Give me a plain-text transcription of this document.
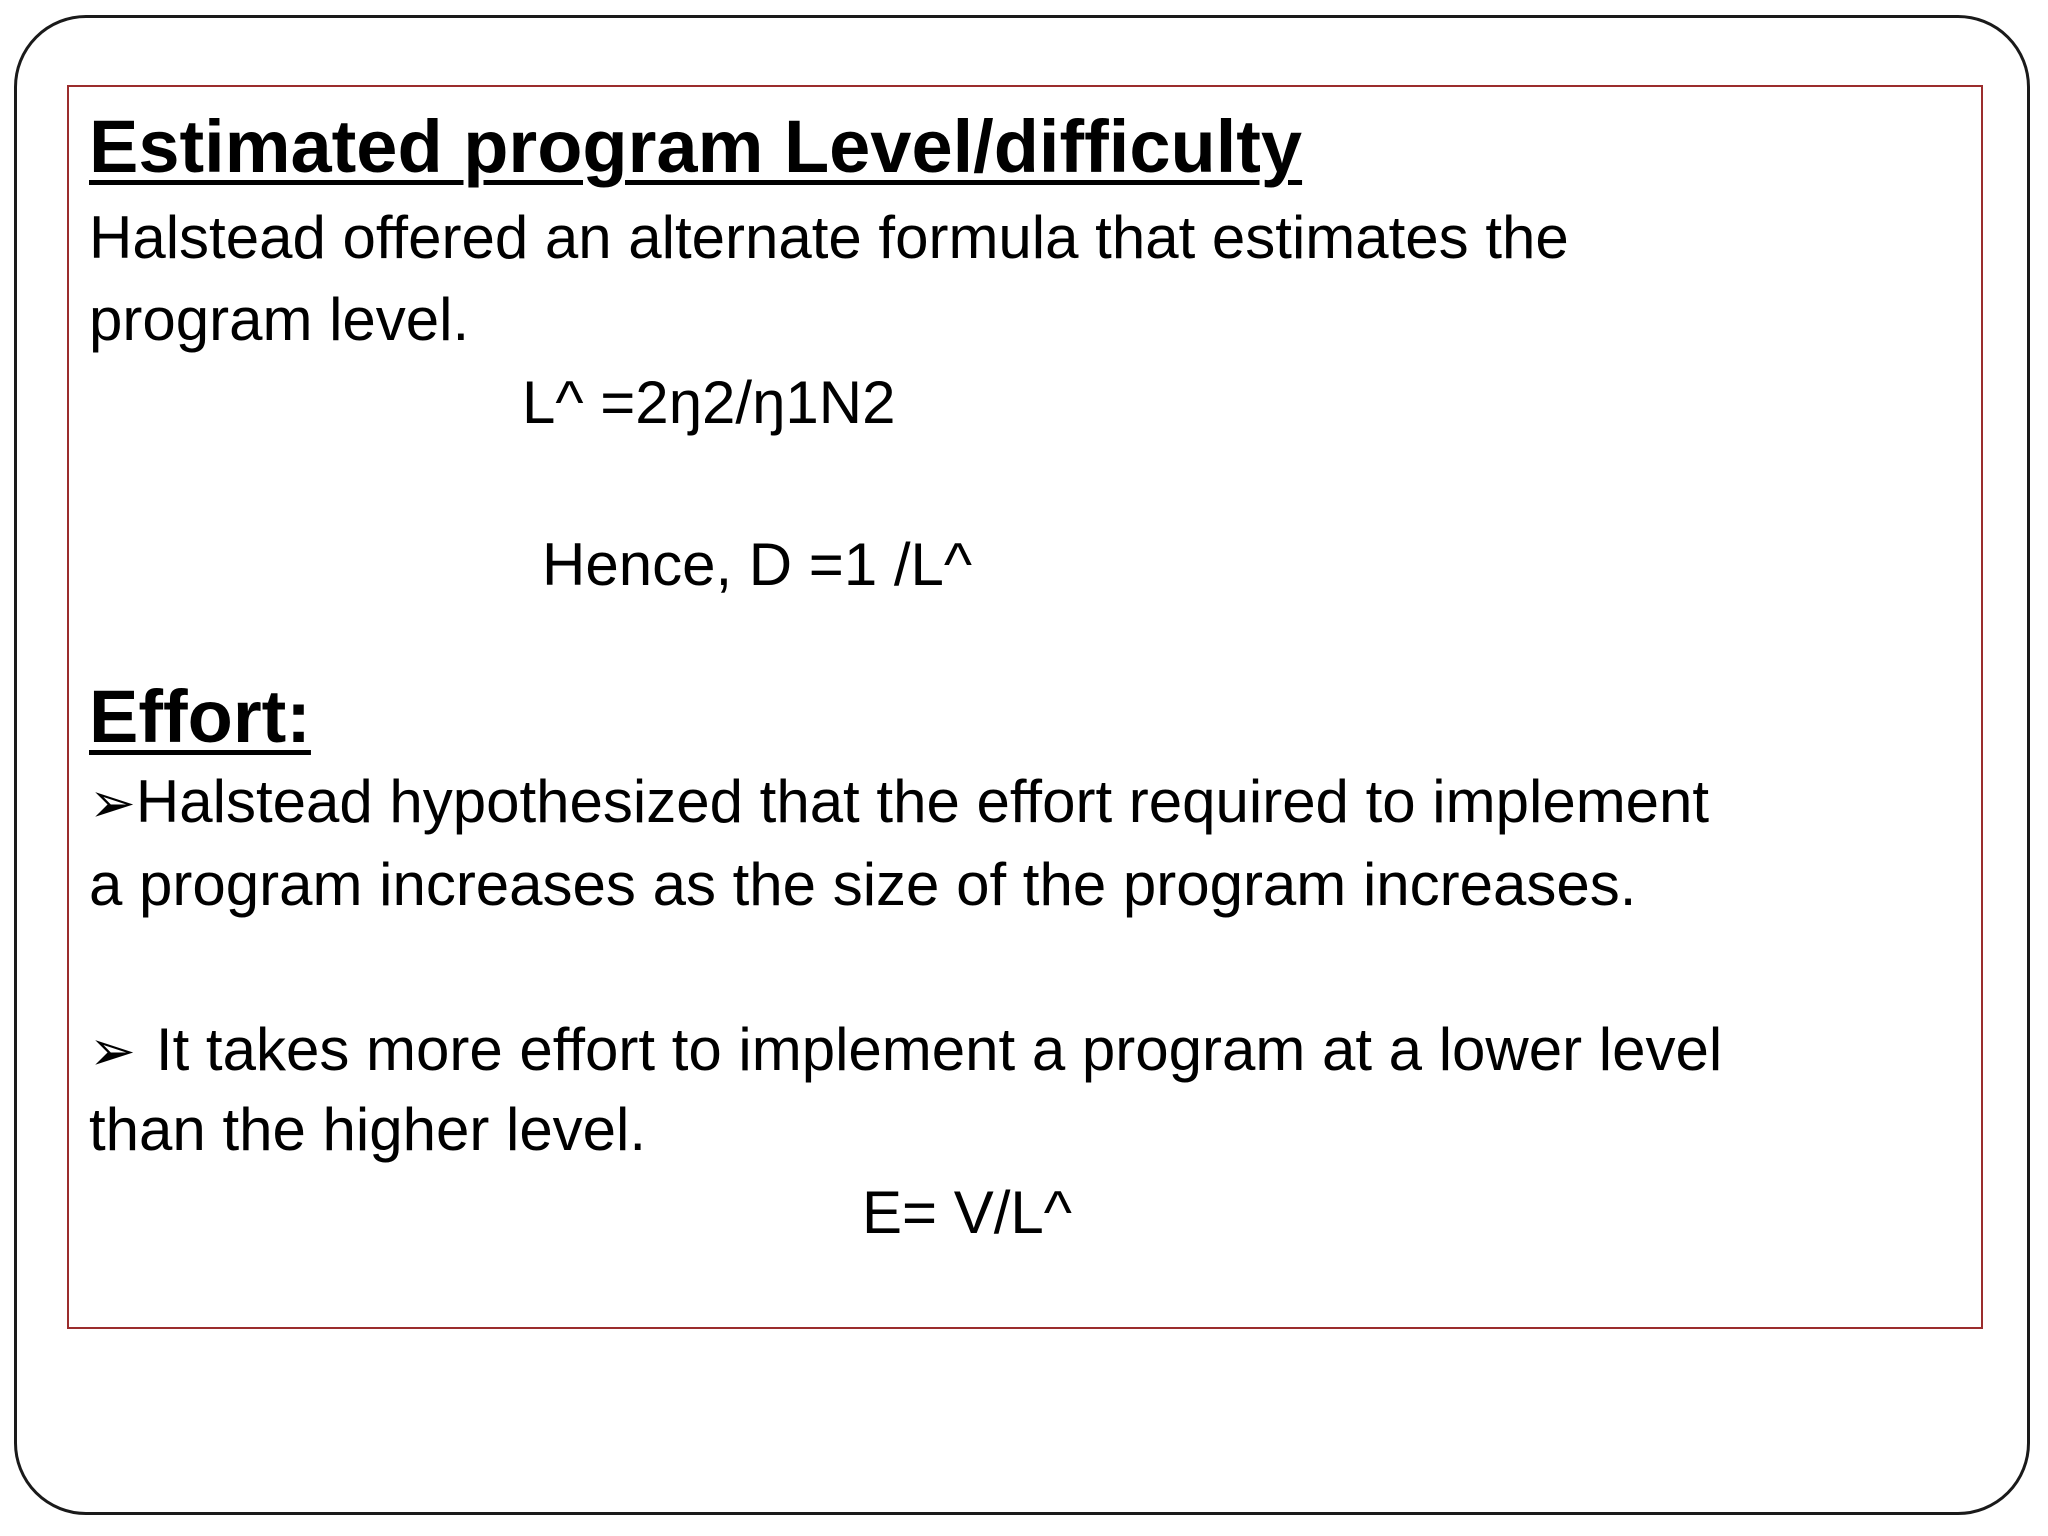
Estimated program Level/difficulty
Halstead offered an alternate formula that estimates the
program level.
L^ =2ŋ2/ŋ1N2
Hence, D =1 /L^
Effort:
➢Halstead hypothesized that the effort required to implement
a program increases as the size of the program increases.
➢ It takes more effort to implement a program at a lower level
than the higher level.
E= V/L^
